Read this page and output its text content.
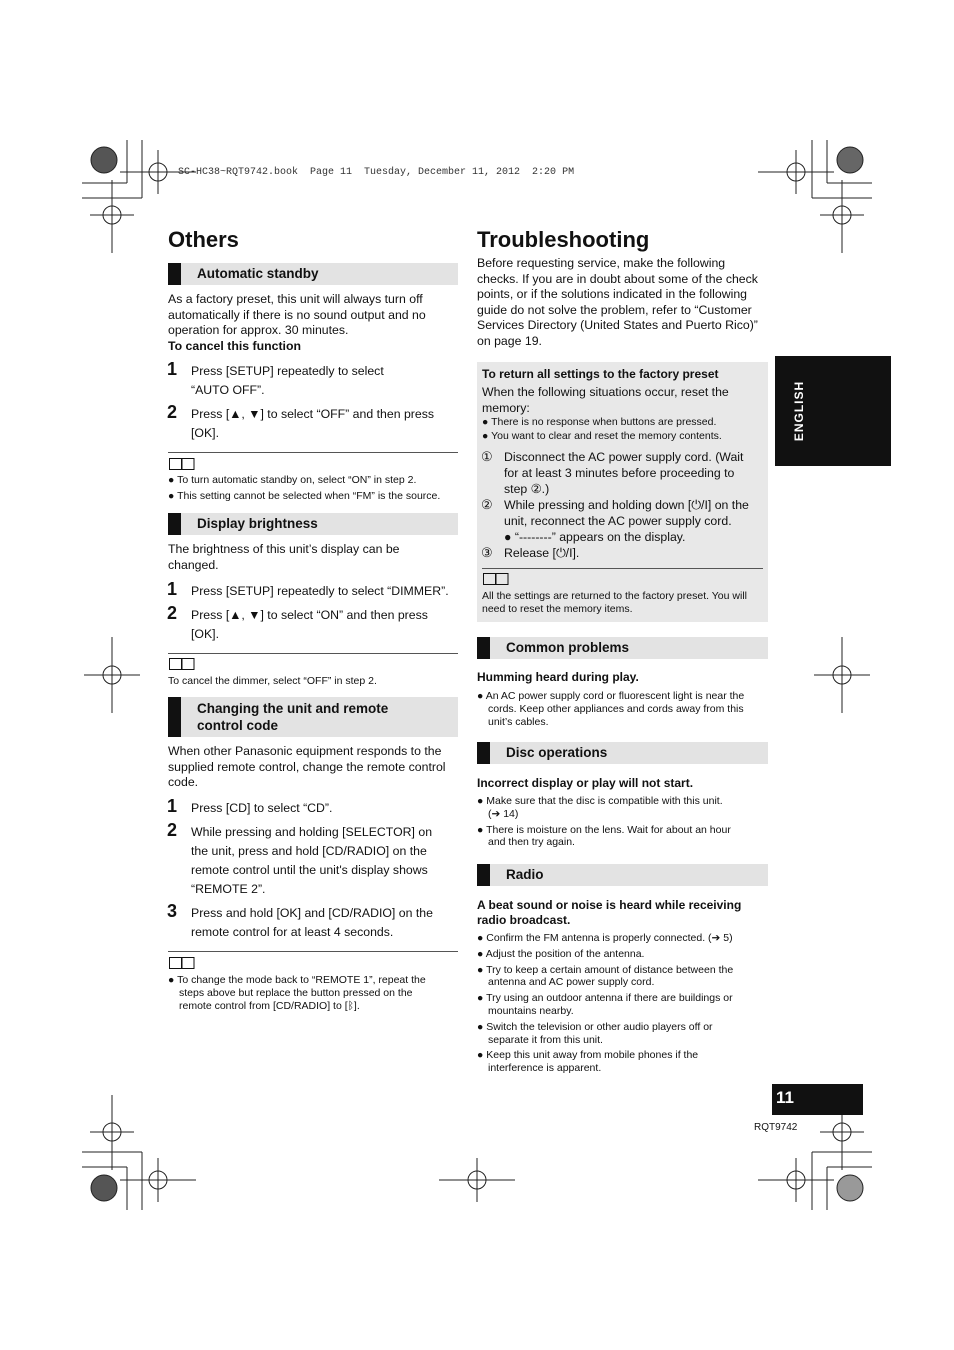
SC-HC38~RQT9742.book  Page 11  Tuesday, December 11, 2012  2:20 PM
Others
Automatic standby
As a factory preset, this unit will always turn off
automatically if there is no sound output and no
operation for approx. 30 minutes.
To cancel this function
1 Press [SETUP] repeatedly to select
“AUTO OFF”.
2 Press [▲, ▼] to select “OFF” and then press
[OK].
● To turn automatic standby on, select “ON” in step 2.
● This setting cannot be selected when “FM” is the source.
Display brightness
The brightness of this unit’s display can be
changed.
1 Press [SETUP] repeatedly to select “DIMMER”.
2 Press [▲, ▼] to select “ON” and then press
[OK].
To cancel the dimmer, select “OFF” in step 2.
Changing the unit and remote
control code
When other Panasonic equipment responds to the
supplied remote control, change the remote control
code.
1 Press [CD] to select “CD”.
2 While pressing and holding [SELECTOR] on
the unit, press and hold [CD/RADIO] on the
remote control until the unit's display shows
“REMOTE 2”.
3 Press and hold [OK] and [CD/RADIO] on the
remote control for at least 4 seconds.
● To change the mode back to “REMOTE 1”, repeat the
steps above but replace the button pressed on the
remote control from [CD/RADIO] to [ᛒ].
Troubleshooting
Before requesting service, make the following
checks. If you are in doubt about some of the check
points, or if the solutions indicated in the following
guide do not solve the problem, refer to “Customer
Services Directory (United States and Puerto Rico)”
on page 19.
To return all settings to the factory preset
When the following situations occur, reset the
memory:
● There is no response when buttons are pressed.
● You want to clear and reset the memory contents.
① Disconnect the AC power supply cord. (Wait
for at least 3 minutes before proceeding to
step ②.)
② While pressing and holding down [⏻/I] on the
unit, reconnect the AC power supply cord.
● “--------” appears on the display.
③ Release [⏻/I].
All the settings are returned to the factory preset. You will
need to reset the memory items.
Common problems
Humming heard during play.
● An AC power supply cord or fluorescent light is near the
cords. Keep other appliances and cords away from this
unit’s cables.
Disc operations
Incorrect display or play will not start.
● Make sure that the disc is compatible with this unit.
(➔ 14)
● There is moisture on the lens. Wait for about an hour
and then try again.
Radio
A beat sound or noise is heard while receiving
radio broadcast.
● Confirm the FM antenna is properly connected. (➔ 5)
● Adjust the position of the antenna.
● Try to keep a certain amount of distance between the
antenna and AC power supply cord.
● Try using an outdoor antenna if there are buildings or
mountains nearby.
● Switch the television or other audio players off or
separate it from this unit.
● Keep this unit away from mobile phones if the
interference is apparent.
ENGLISH
11
RQT9742
